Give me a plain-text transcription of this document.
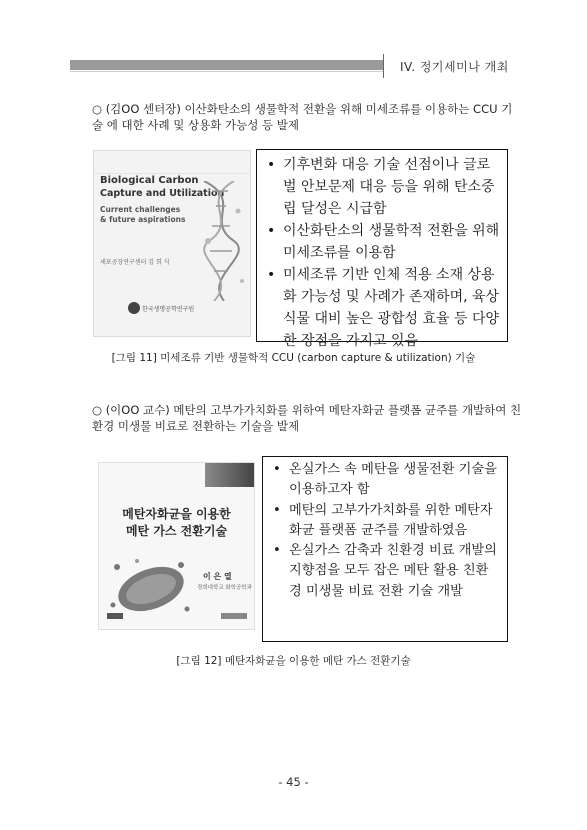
IV. 정기세미나 개최
○ (김OO 센터장) 이산화탄소의 생물학적 전환을 위해 미세조류를 이용하는 CCU 기술 에 대한 사례 및 상용화 가능성 등 발제
Biological Carbon
Capture and Utilization
Current challenges
& future aspirations
세포공장연구센터 김 희 식
한국생명공학연구원
• 기후변화 대응 기술 선점이나 글로벌 안보문제 대응 등을 위해 탄소중립 달성은 시급함
• 이산화탄소의 생물학적 전환을 위해 미세조류를 이용함
• 미세조류 기반 인체 적용 소재 상용화 가능성 및 사례가 존재하며, 육상 식물 대비 높은 광합성 효율 등 다양한 장점을 가지고 있음
[그림 11] 미세조류 기반 생물학적 CCU (carbon capture & utilization) 기술
○ (이OO 교수) 메탄의 고부가가치화를 위하여 메탄자화균 플랫폼 균주를 개발하여 친환경 미생물 비료로 전환하는 기술을 발제
메탄자화균을 이용한
메탄 가스 전환기술
이 은 열
경희대학교 화학공학과
• 온실가스 속 메탄을 생물전환 기술을 이용하고자 함
• 메탄의 고부가가치화를 위한 메탄자화균 플랫폼 균주를 개발하였음
• 온실가스 감축과 친환경 비료 개발의 지향점을 모두 잡은 메탄 활용 친환경 미생물 비료 전환 기술 개발
[그림 12] 메탄자화균을 이용한 메탄 가스 전환기술
- 45 -
